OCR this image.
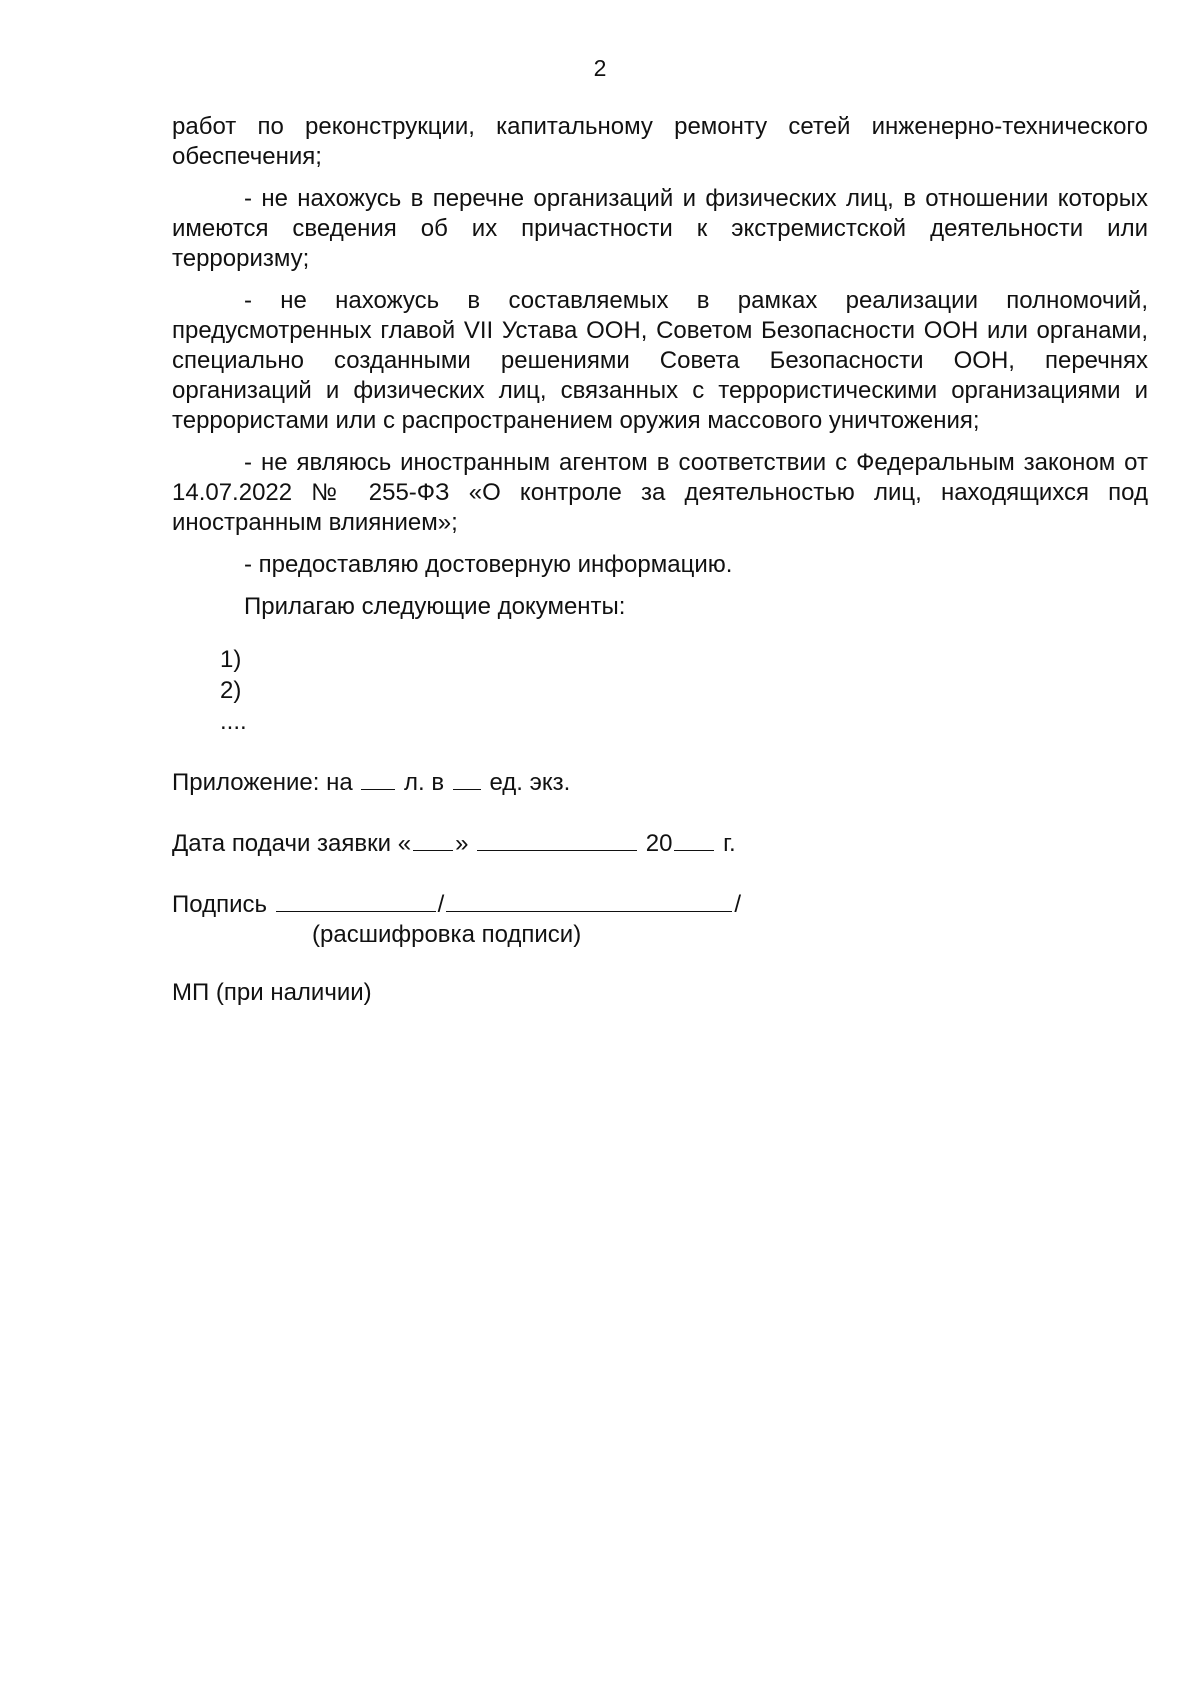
2

работ по реконструкции, капитальному ремонту сетей инженерно-технического обеспечения;

- не нахожусь в перечне организаций и физических лиц, в отношении которых имеются сведения об их причастности к экстремистской деятельности или терроризму;

- не нахожусь в составляемых в рамках реализации полномочий, предусмотренных главой VII Устава ООН, Советом Безопасности ООН или органами, специально созданными решениями Совета Безопасности ООН, перечнях организаций и физических лиц, связанных с террористическими организациями и террористами или с распространением оружия массового уничтожения;

- не являюсь иностранным агентом в соответствии с Федеральным законом от 14.07.2022 № 255-ФЗ «О контроле за деятельностью лиц, находящихся под иностранным влиянием»;

- предоставляю достоверную информацию.

Прилагаю следующие документы:

1)
2)
....
Приложение: на л. в ед. экз.
Дата подачи заявки « »	20 г.
Подпись	/	/
(расшифровка подписи)
МП (при наличии)
